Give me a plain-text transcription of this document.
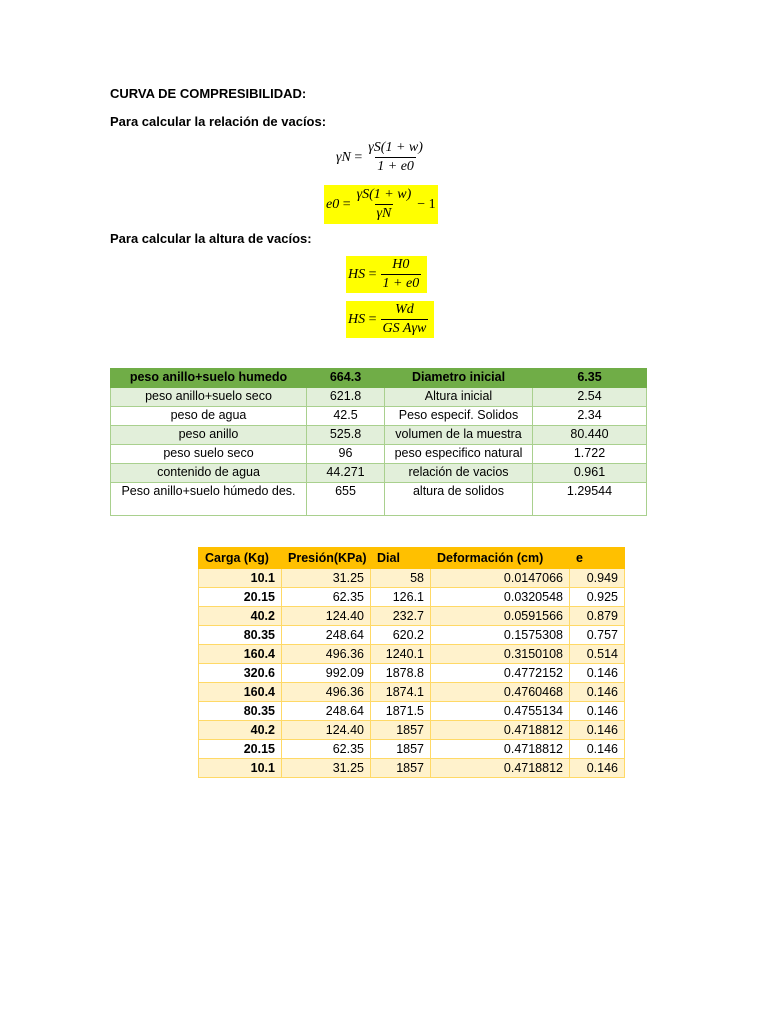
CURVA DE COMPRESIBILIDAD:
Para calcular la relación de vacíos:
γN
= $\frac{\gamma S(1 + w)}{1 + e0}$
e0
= $\frac{\gamma S(1 + w)}{\gamma N} - 1$
Para calcular la altura de vacíos:
HS
= $\frac{H0}{1 + e0}$
HS
= $\frac{Wd}{\text{GS Aγw}}$
peso anillo+suelo humedo	664.3	Diametro inicial	6.35
peso anillo+suelo seco	621.8	Altura inicial	2.54
peso de agua	42.5	Peso especif. Solidos	2.34
peso anillo	525.8	volumen de la muestra	80.440
peso suelo seco	96	peso especifico natural	1.722
contenido de agua	44.271	relación de vacios	0.961
Peso anillo+suelo húmedo des.	655	altura de solidos	1.29544
Carga (Kg)	Presión(KPa)	Dial	Deformación (cm)	e
10.1	31.25	58	0.0147066	0.949
20.15	62.35	126.1	0.0320548	0.925
40.2	124.40	232.7	0.0591566	0.879
80.35	248.64	620.2	0.1575308	0.757
160.4	496.36	1240.1	0.3150108	0.514
320.6	992.09	1878.8	0.4772152	0.146
160.4	496.36	1874.1	0.4760468	0.146
80.35	248.64	1871.5	0.4755134	0.146
40.2	124.40	1857	0.4718812	0.146
20.15	62.35	1857	0.4718812	0.146
10.1	31.25	1857	0.4718812	0.146
